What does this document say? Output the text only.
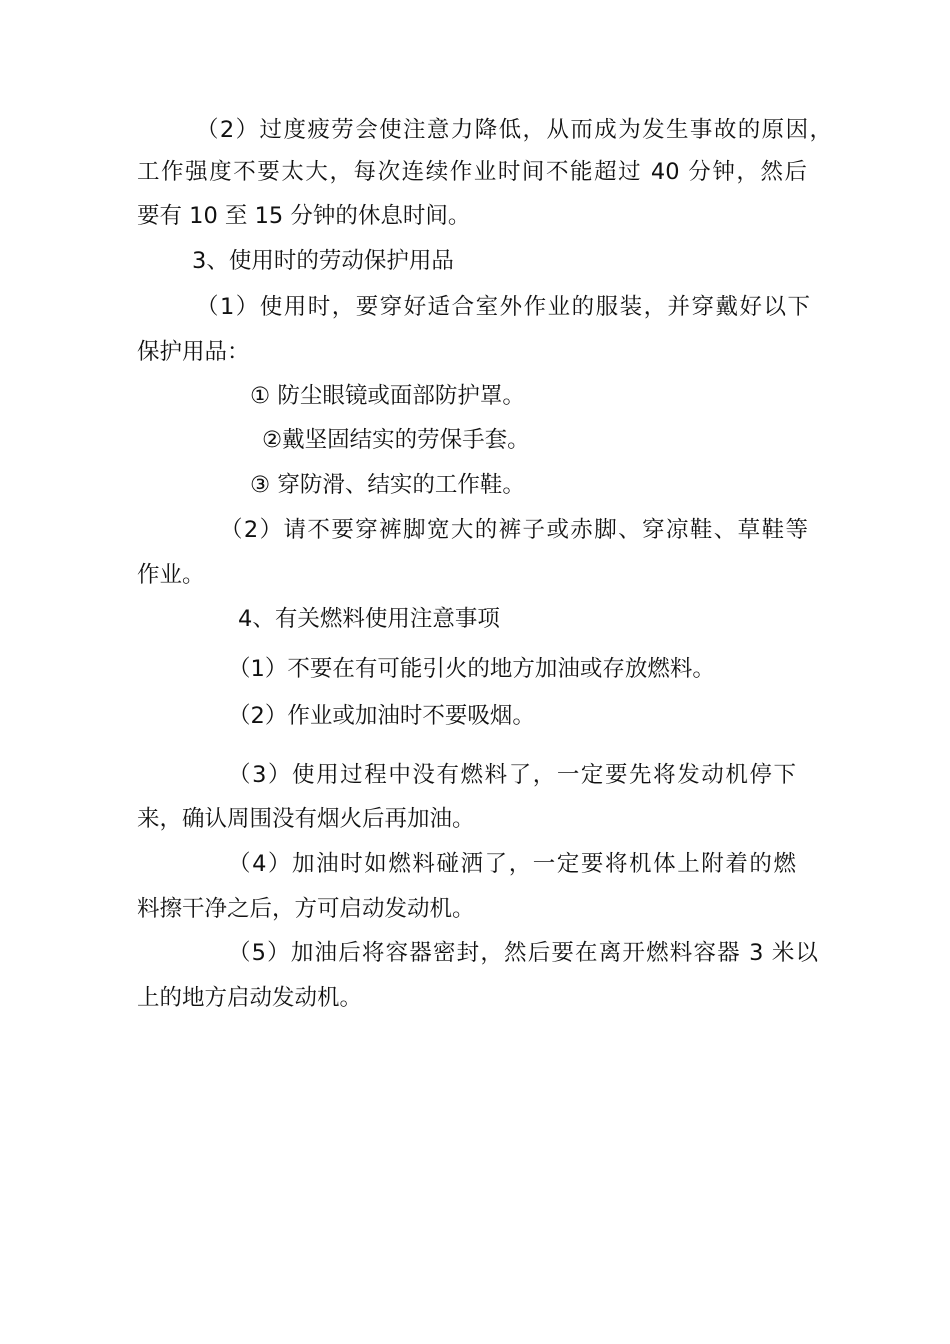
（2）过度疲劳会使注意力降低，从而成为发生事故的原因，
工作强度不要太大，每次连续作业时间不能超过 40 分钟，然后
要有 10 至 15 分钟的休息时间。
3、使用时的劳动保护用品
（1）使用时，要穿好适合室外作业的服装，并穿戴好以下
保护用品：
① 防尘眼镜或面部防护罩。
②戴坚固结实的劳保手套。
③ 穿防滑、结实的工作鞋。
（2）请不要穿裤脚宽大的裤子或赤脚、穿凉鞋、草鞋等
作业。
4、有关燃料使用注意事项
（1）不要在有可能引火的地方加油或存放燃料。
（2）作业或加油时不要吸烟。
（3）使用过程中没有燃料了，一定要先将发动机停下
来，确认周围没有烟火后再加油。
（4）加油时如燃料碰洒了，一定要将机体上附着的燃
料擦干净之后，方可启动发动机。
（5）加油后将容器密封，然后要在离开燃料容器 3 米以
上的地方启动发动机。
